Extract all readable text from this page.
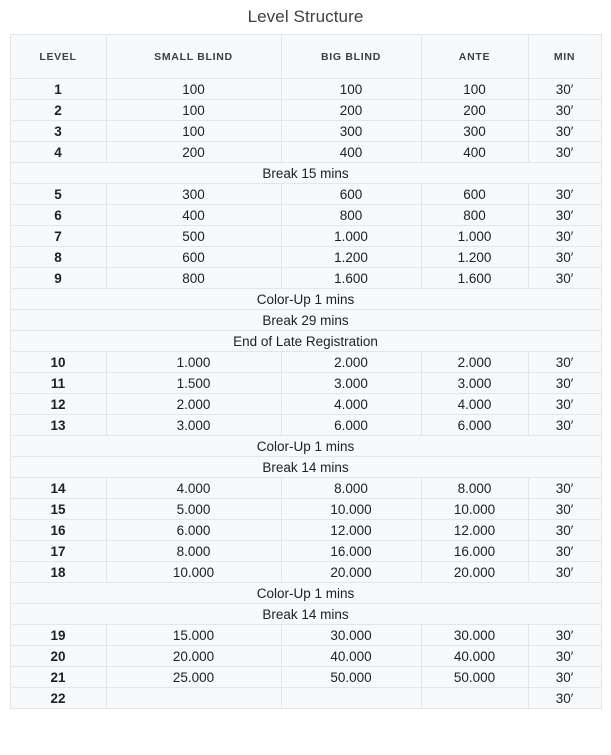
Level Structure
LEVEL	SMALL BLIND	BIG BLIND	ANTE	MIN
1	100	100	100	30′
2	100	200	200	30′
3	100	300	300	30′
4	200	400	400	30′
Break 15 mins				
5	300	600	600	30′
6	400	800	800	30′
7	500	1.000	1.000	30′
8	600	1.200	1.200	30′
9	800	1.600	1.600	30′
Color-Up 1 mins				
Break 29 mins				
End of Late Registration				
10	1.000	2.000	2.000	30′
11	1.500	3.000	3.000	30′
12	2.000	4.000	4.000	30′
13	3.000	6.000	6.000	30′
Color-Up 1 mins				
Break 14 mins				
14	4.000	8.000	8.000	30′
15	5.000	10.000	10.000	30′
16	6.000	12.000	12.000	30′
17	8.000	16.000	16.000	30′
18	10.000	20.000	20.000	30′
Color-Up 1 mins				
Break 14 mins				
19	15.000	30.000	30.000	30′
20	20.000	40.000	40.000	30′
21	25.000	50.000	50.000	30′
22				30′
